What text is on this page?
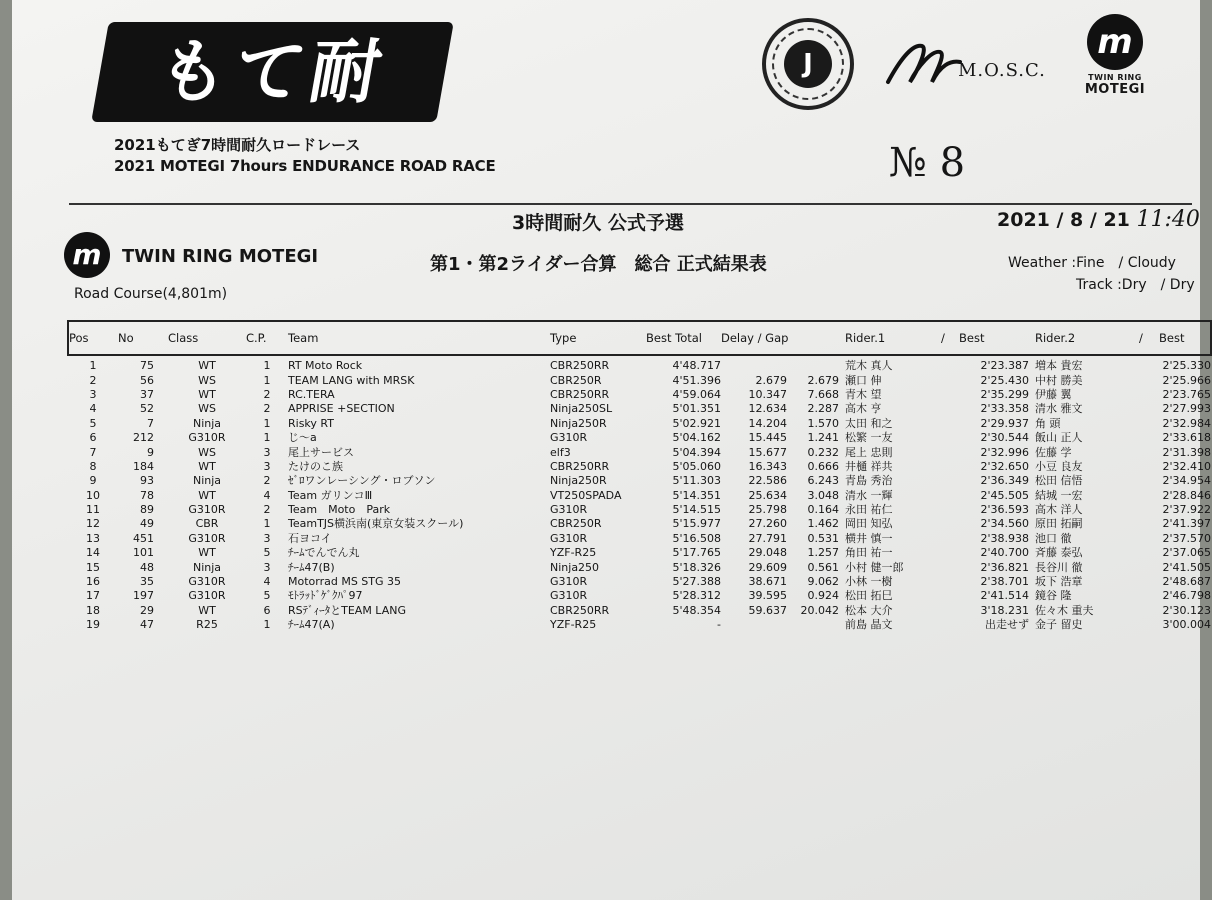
もて耐
2021もてぎ7時間耐久ロードレース
2021 MOTEGI 7hours ENDURANCE ROAD RACE
J	M.O.S.C.
m
TWIN RING
MOTEGI
№ 8
3時間耐久 公式予選	2021 / 8 / 21 11:40
m	TWIN RING MOTEGI	第1・第2ライダー合算　総合 正式結果表	Weather :Fine　/ Cloudy
Track :Dry　/ Dry
Road Course(4,801m)
Pos	No	Class	C.P.	Team	Type	Best Total	Delay / Gap		Rider.1	/	Best	Rider.2	/	Best
1	75	WT	1	RT Moto Rock	CBR250RR	4'48.717			荒木 真人		2'23.387	増本 貴宏		2'25.330
2	56	WS	1	TEAM LANG with MRSK	CBR250R	4'51.396	2.679	2.679	瀬口 伸		2'25.430	中村 勝美		2'25.966
3	37	WT	2	RC.TERA	CBR250RR	4'59.064	10.347	7.668	青木 望		2'35.299	伊藤 翼		2'23.765
4	52	WS	2	APPRISE +SECTION	Ninja250SL	5'01.351	12.634	2.287	高木 亨		2'33.358	清水 雅文		2'27.993
5	7	Ninja	1	Risky RT	Ninja250R	5'02.921	14.204	1.570	太田 和之		2'29.937	角 頭		2'32.984
6	212	G310R	1	じ〜a	G310R	5'04.162	15.445	1.241	松繁 一友		2'30.544	飯山 正人		2'33.618
7	9	WS	3	尾上サービス	elf3	5'04.394	15.677	0.232	尾上 忠則		2'32.996	佐藤 学		2'31.398
8	184	WT	3	たけのこ族	CBR250RR	5'05.060	16.343	0.666	井樋 祥共		2'32.650	小豆 良友		2'32.410
9	93	Ninja	2	ｾﾞﾛワンレーシング・ロブソン	Ninja250R	5'11.303	22.586	6.243	青島 秀治		2'36.349	松田 信悟		2'34.954
10	78	WT	4	Team ガリンコⅢ	VT250SPADA	5'14.351	25.634	3.048	清水 一輝		2'45.505	結城 一宏		2'28.846
11	89	G310R	2	Team　Moto　Park	G310R	5'14.515	25.798	0.164	永田 祐仁		2'36.593	高木 洋人		2'37.922
12	49	CBR	1	TeamTJS横浜南(東京女装スクール)	CBR250R	5'15.977	27.260	1.462	岡田 知弘		2'34.560	原田 拓嗣		2'41.397
13	451	G310R	3	石ヨコイ	G310R	5'16.508	27.791	0.531	横井 慎一		2'38.938	池口 徹		2'37.570
14	101	WT	5	ﾁｰﾑでんでん丸	YZF-R25	5'17.765	29.048	1.257	角田 祐一		2'40.700	斉藤 泰弘		2'37.065
15	48	Ninja	3	ﾁｰﾑ47(B)	Ninja250	5'18.326	29.609	0.561	小村 健一郎		2'36.821	長谷川 徹		2'41.505
16	35	G310R	4	Motorrad MS STG 35	G310R	5'27.388	38.671	9.062	小林 一樹		2'38.701	坂下 浩章		2'48.687
17	197	G310R	5	ﾓﾄﾗｯﾄﾞｹﾞｸﾊﾟ97	G310R	5'28.312	39.595	0.924	松田 拓巳		2'41.514	鏡谷 隆		2'46.798
18	29	WT	6	RSﾃﾞｨｰﾀとTEAM LANG	CBR250RR	5'48.354	59.637	20.042	松本 大介		3'18.231	佐々木 重夫		2'30.123
19	47	R25	1	ﾁｰﾑ47(A)	YZF-R25	-			前島 晶文		出走せず	金子 留史		3'00.004
